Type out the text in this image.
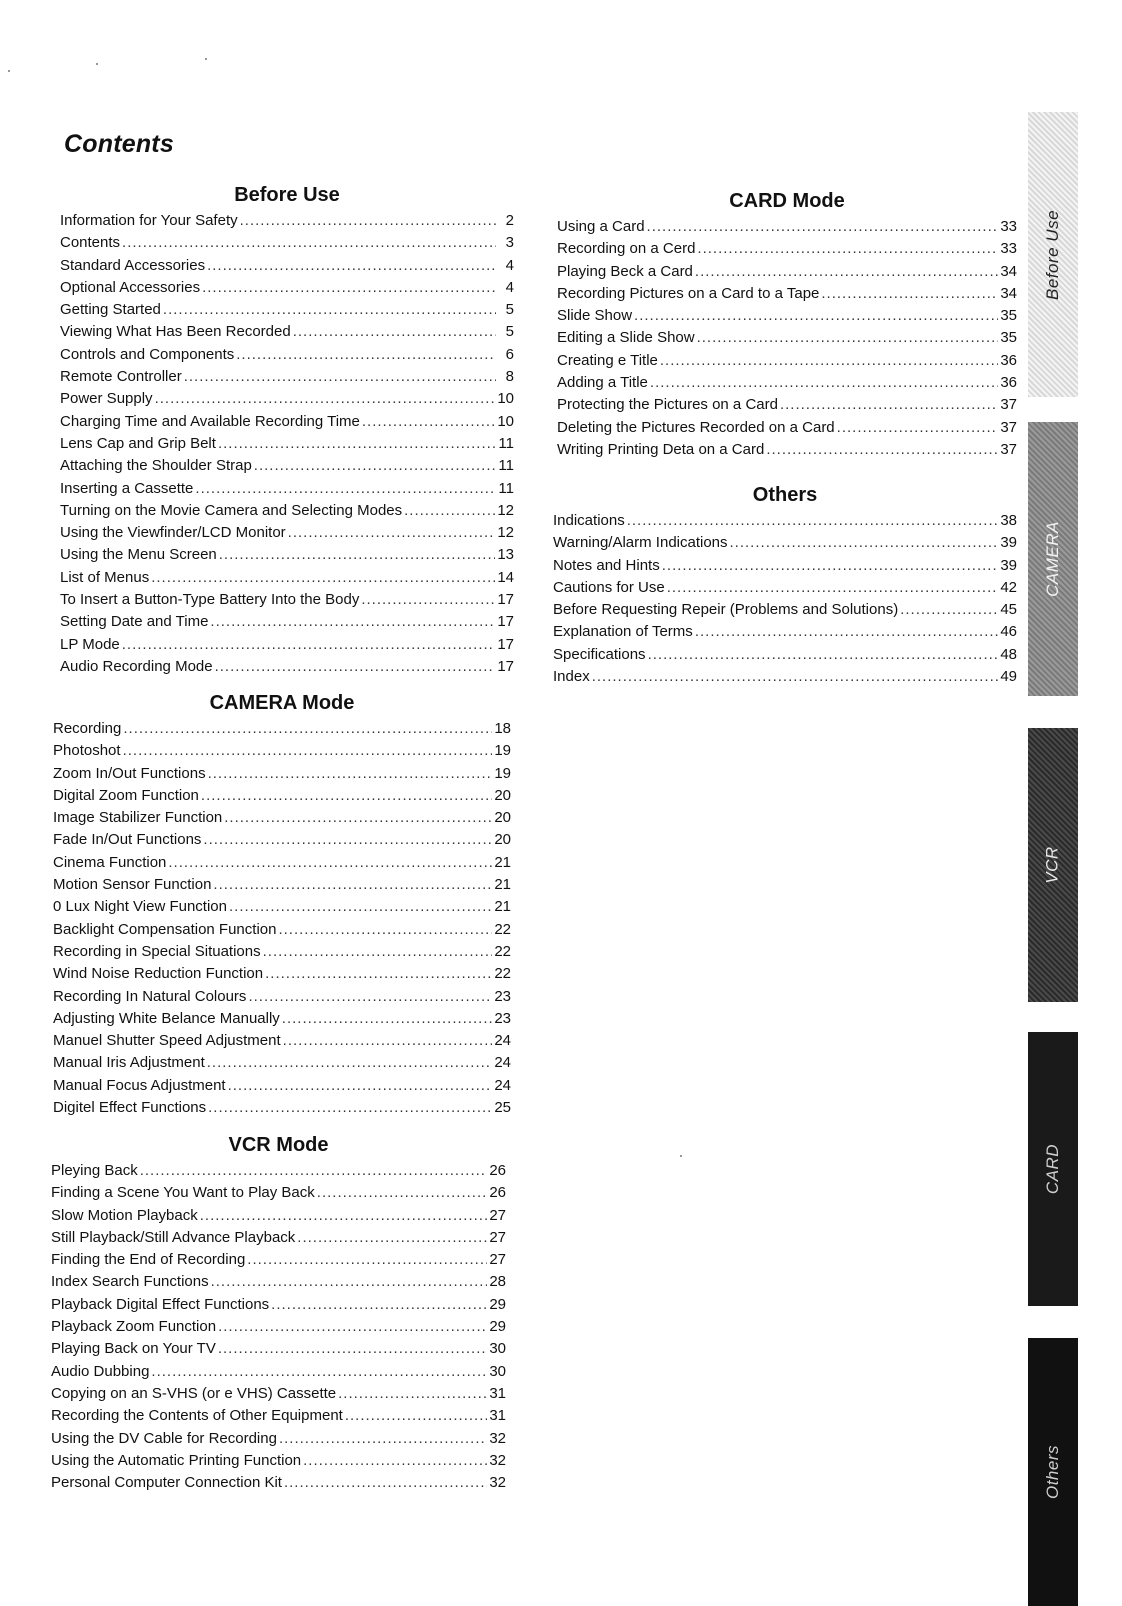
Contents
Before Use
Information for Your Safety .....	2
Contents .....	3
Standard Accessories .....	4
Optional Accessories .....	4
Getting Started .....	5
Viewing What Has Been Recorded .....	5
Controls and Components .....	6
Remote Controller .....	8
Power Supply .....	10
Charging Time and Available Recording Time .....	10
Lens Cap and Grip Belt .....	11
Attaching the Shoulder Strap .....	11
Inserting a Cassette .....	11
Turning on the Movie Camera and Selecting Modes .....	12
Using the Viewfinder/LCD Monitor .....	12
Using the Menu Screen .....	13
List of Menus .....	14
To Insert a Button-Type Battery Into the Body .....	17
Setting Date and Time .....	17
LP Mode .....	17
Audio Recording Mode .....	17
CAMERA Mode
Recording .....	18
Photoshot .....	19
Zoom In/Out Functions .....	19
Digital Zoom Function .....	20
Image Stabilizer Function .....	20
Fade In/Out Functions .....	20
Cinema Function .....	21
Motion Sensor Function .....	21
0 Lux Night View Function .....	21
Backlight Compensation Function .....	22
Recording in Special Situations .....	22
Wind Noise Reduction Function .....	22
Recording In Natural Colours .....	23
Adjusting White Belance Manually .....	23
Manuel Shutter Speed Adjustment .....	24
Manual Iris Adjustment .....	24
Manual Focus Adjustment .....	24
Digitel Effect Functions .....	25
VCR Mode
Pleying Back .....	26
Finding a Scene You Want to Play Back .....	26
Slow Motion Playback .....	27
Still Playback/Still Advance Playback .....	27
Finding the End of Recording .....	27
Index Search Functions .....	28
Playback Digital Effect Functions .....	29
Playback Zoom Function .....	29
Playing Back on Your TV .....	30
Audio Dubbing .....	30
Copying on an S-VHS (or e VHS) Cassette .....	31
Recording the Contents of Other Equipment .....	31
Using the DV Cable for Recording .....	32
Using the Automatic Printing Function .....	32
Personal Computer Connection Kit .....	32
CARD Mode
Using a Card .....	33
Recording on a Cerd .....	33
Playing Beck a Card .....	34
Recording Pictures on a Card to a Tape .....	34
Slide Show .....	35
Editing a Slide Show .....	35
Creating e Title .....	36
Adding a Title .....	36
Protecting the Pictures on a Card .....	37
Deleting the Pictures Recorded on a Card .....	37
Writing Printing Deta on a Card .....	37
Others
Indications .....	38
Warning/Alarm Indications .....	39
Notes and Hints .....	39
Cautions for Use .....	42
Before Requesting Repeir (Problems and Solutions) .....	45
Explanation of Terms .....	46
Specifications .....	48
Index .....	49
Before Use
CAMERA
VCR
CARD
Others
